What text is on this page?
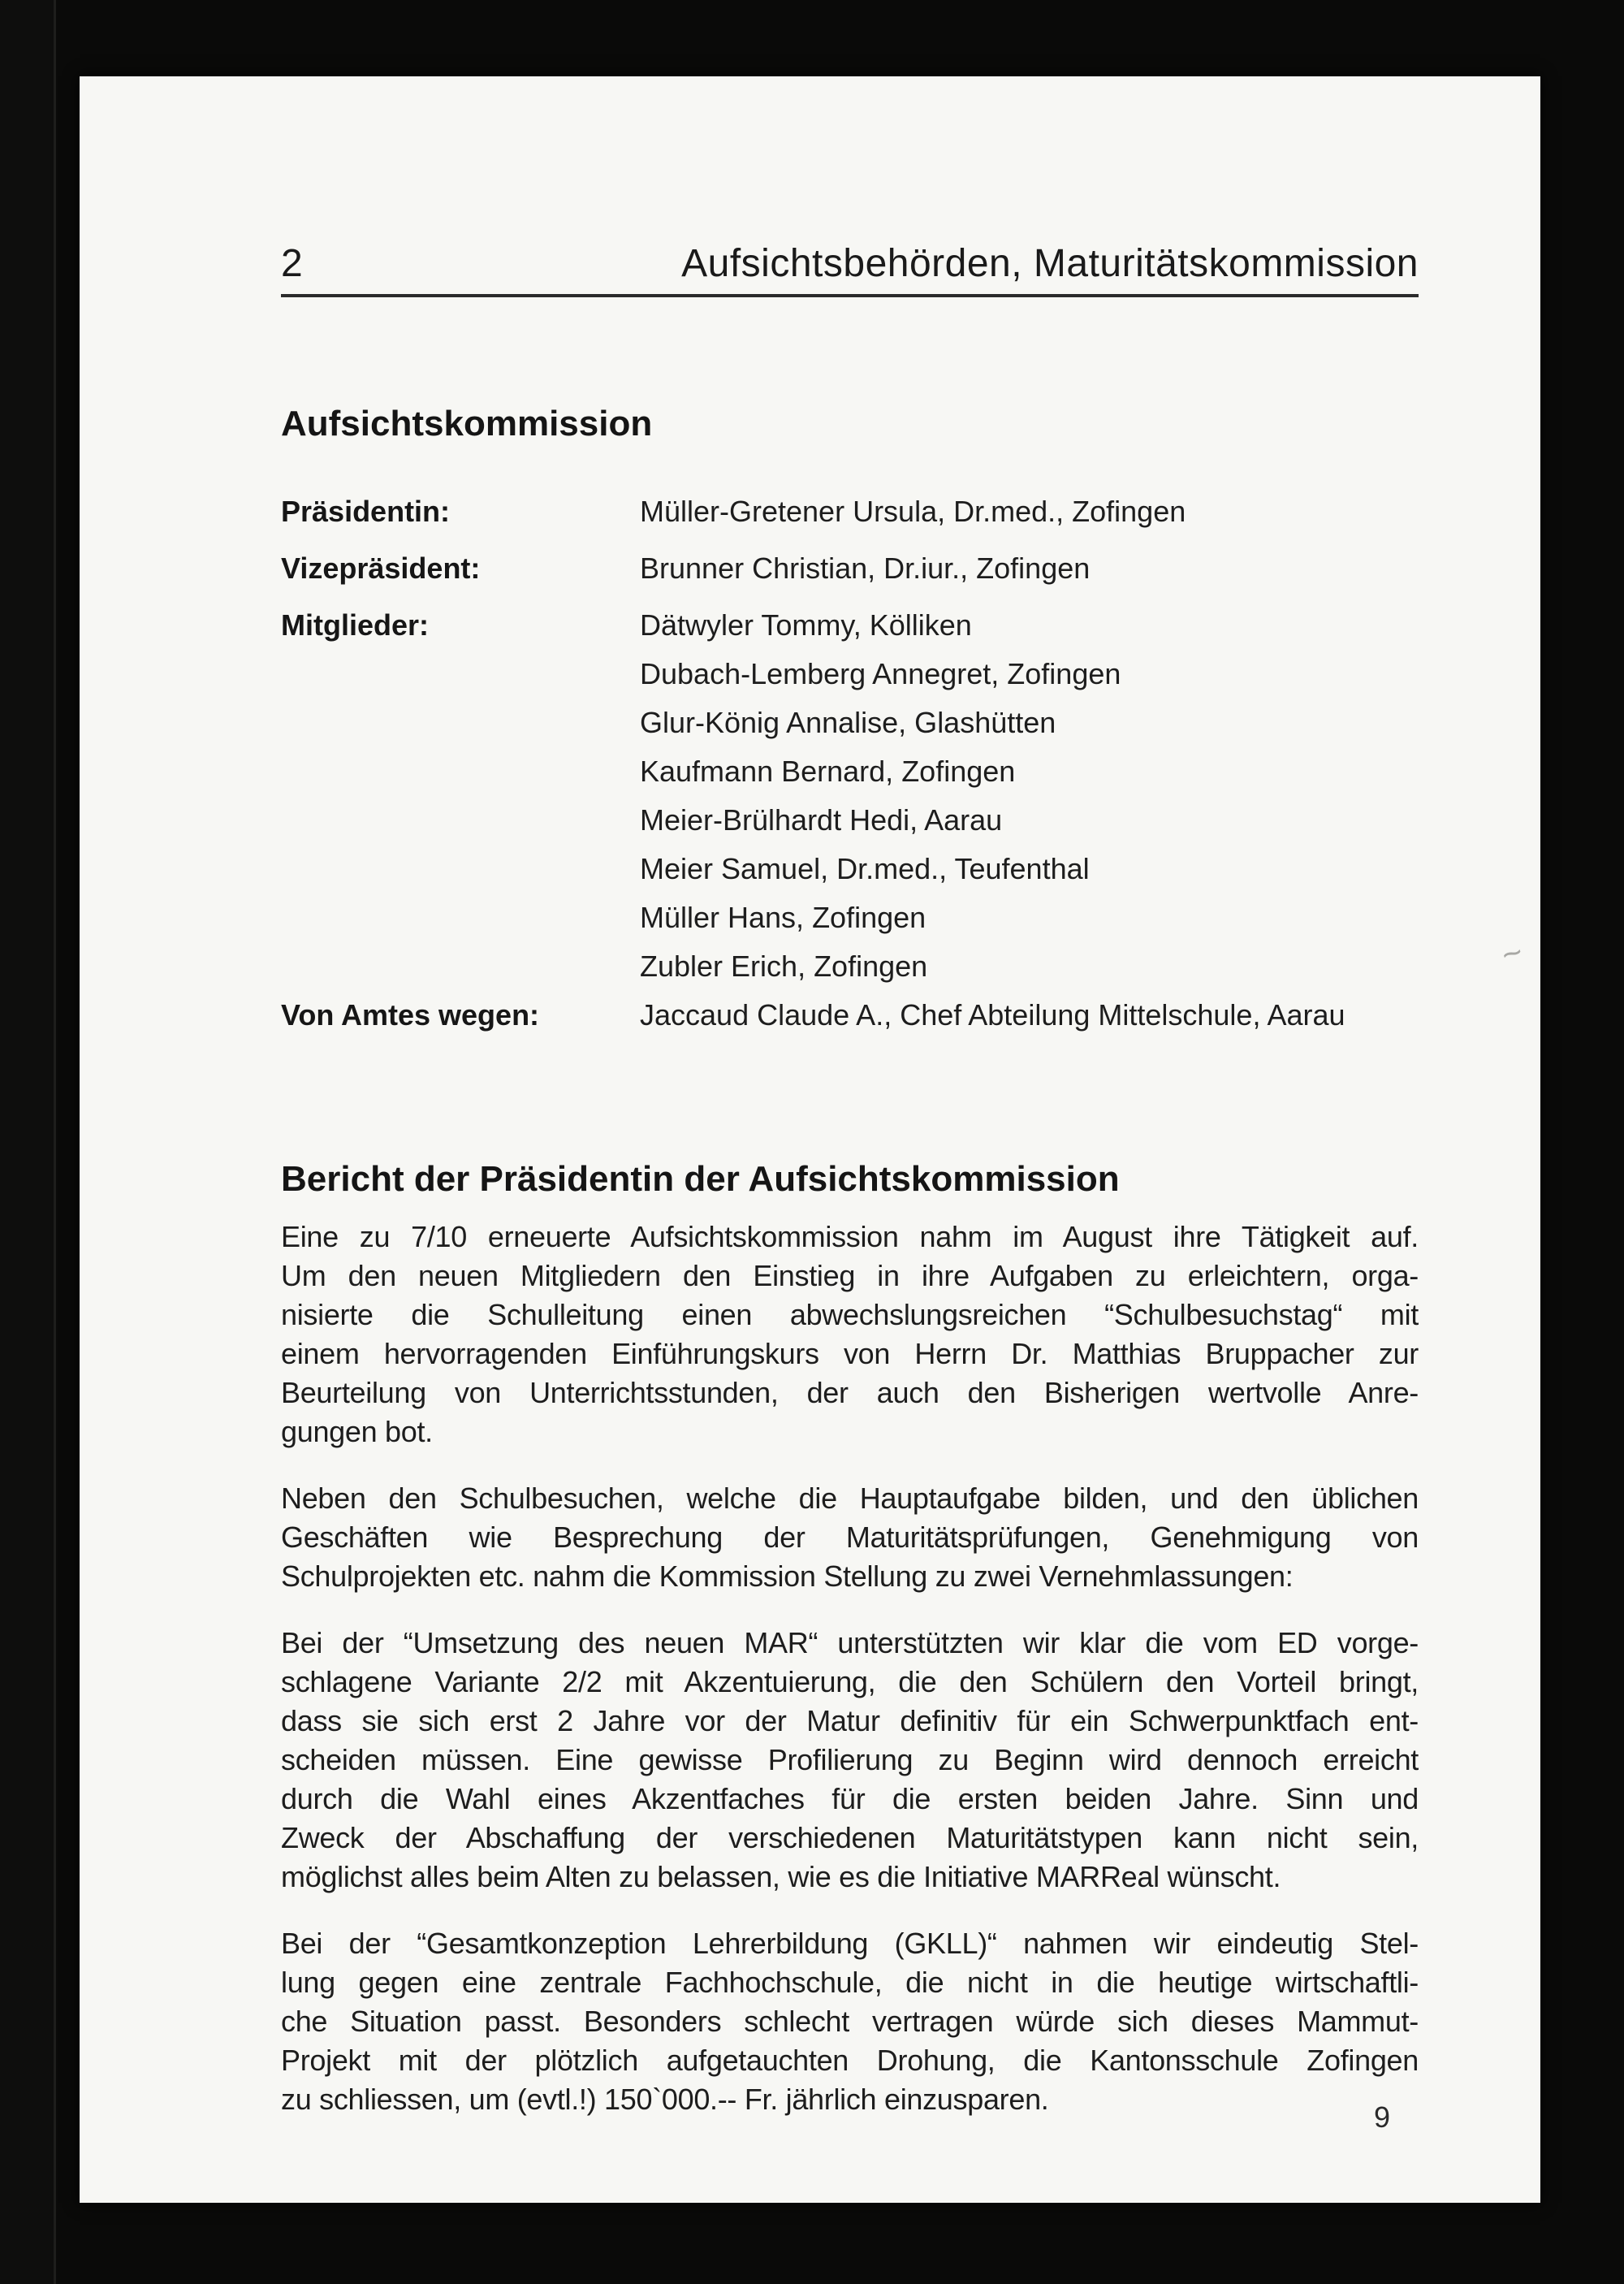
2	Aufsichtsbehörden, Maturitätskommission
Aufsichtskommission
Präsidentin:	Müller-Gretener Ursula, Dr.med., Zofingen
Vizepräsident:	Brunner Christian, Dr.iur., Zofingen
Mitglieder:	Dätwyler Tommy, Kölliken
Dubach-Lemberg Annegret, Zofingen
Glur-König Annalise, Glashütten
Kaufmann Bernard, Zofingen
Meier-Brülhardt Hedi, Aarau
Meier Samuel, Dr.med., Teufenthal
Müller Hans, Zofingen
Zubler Erich, Zofingen
Von Amtes wegen:	Jaccaud Claude A., Chef Abteilung Mittelschule, Aarau
Bericht der Präsidentin der Aufsichtskommission
Eine zu 7/10 erneuerte Aufsichtskommission nahm im August ihre Tätigkeit auf.
Um den neuen Mitgliedern den Einstieg in ihre Aufgaben zu erleichtern, orga-
nisierte die Schulleitung einen abwechslungsreichen “Schulbesuchstag“ mit
einem hervorragenden Einführungskurs von Herrn Dr. Matthias Bruppacher zur
Beurteilung von Unterrichtsstunden, der auch den Bisherigen wertvolle Anre-
gungen bot.
Neben den Schulbesuchen, welche die Hauptaufgabe bilden, und den üblichen
Geschäften wie Besprechung der Maturitätsprüfungen, Genehmigung von
Schulprojekten etc. nahm die Kommission Stellung zu zwei Vernehmlassungen:
Bei der “Umsetzung des neuen MAR“ unterstützten wir klar die vom ED vorge-
schlagene Variante 2/2 mit Akzentuierung, die den Schülern den Vorteil bringt,
dass sie sich erst 2 Jahre vor der Matur definitiv für ein Schwerpunktfach ent-
scheiden müssen. Eine gewisse Profilierung zu Beginn wird dennoch erreicht
durch die Wahl eines Akzentfaches für die ersten beiden Jahre. Sinn und
Zweck der Abschaffung der verschiedenen Maturitätstypen kann nicht sein,
möglichst alles beim Alten zu belassen, wie es die Initiative MARReal wünscht.
Bei der “Gesamtkonzeption Lehrerbildung (GKLL)“ nahmen wir eindeutig Stel-
lung gegen eine zentrale Fachhochschule, die nicht in die heutige wirtschaftli-
che Situation passt. Besonders schlecht vertragen würde sich dieses Mammut-
Projekt mit der plötzlich aufgetauchten Drohung, die Kantonsschule Zofingen
zu schliessen, um (evtl.!) 150`000.-- Fr. jährlich einzusparen.
~
9
